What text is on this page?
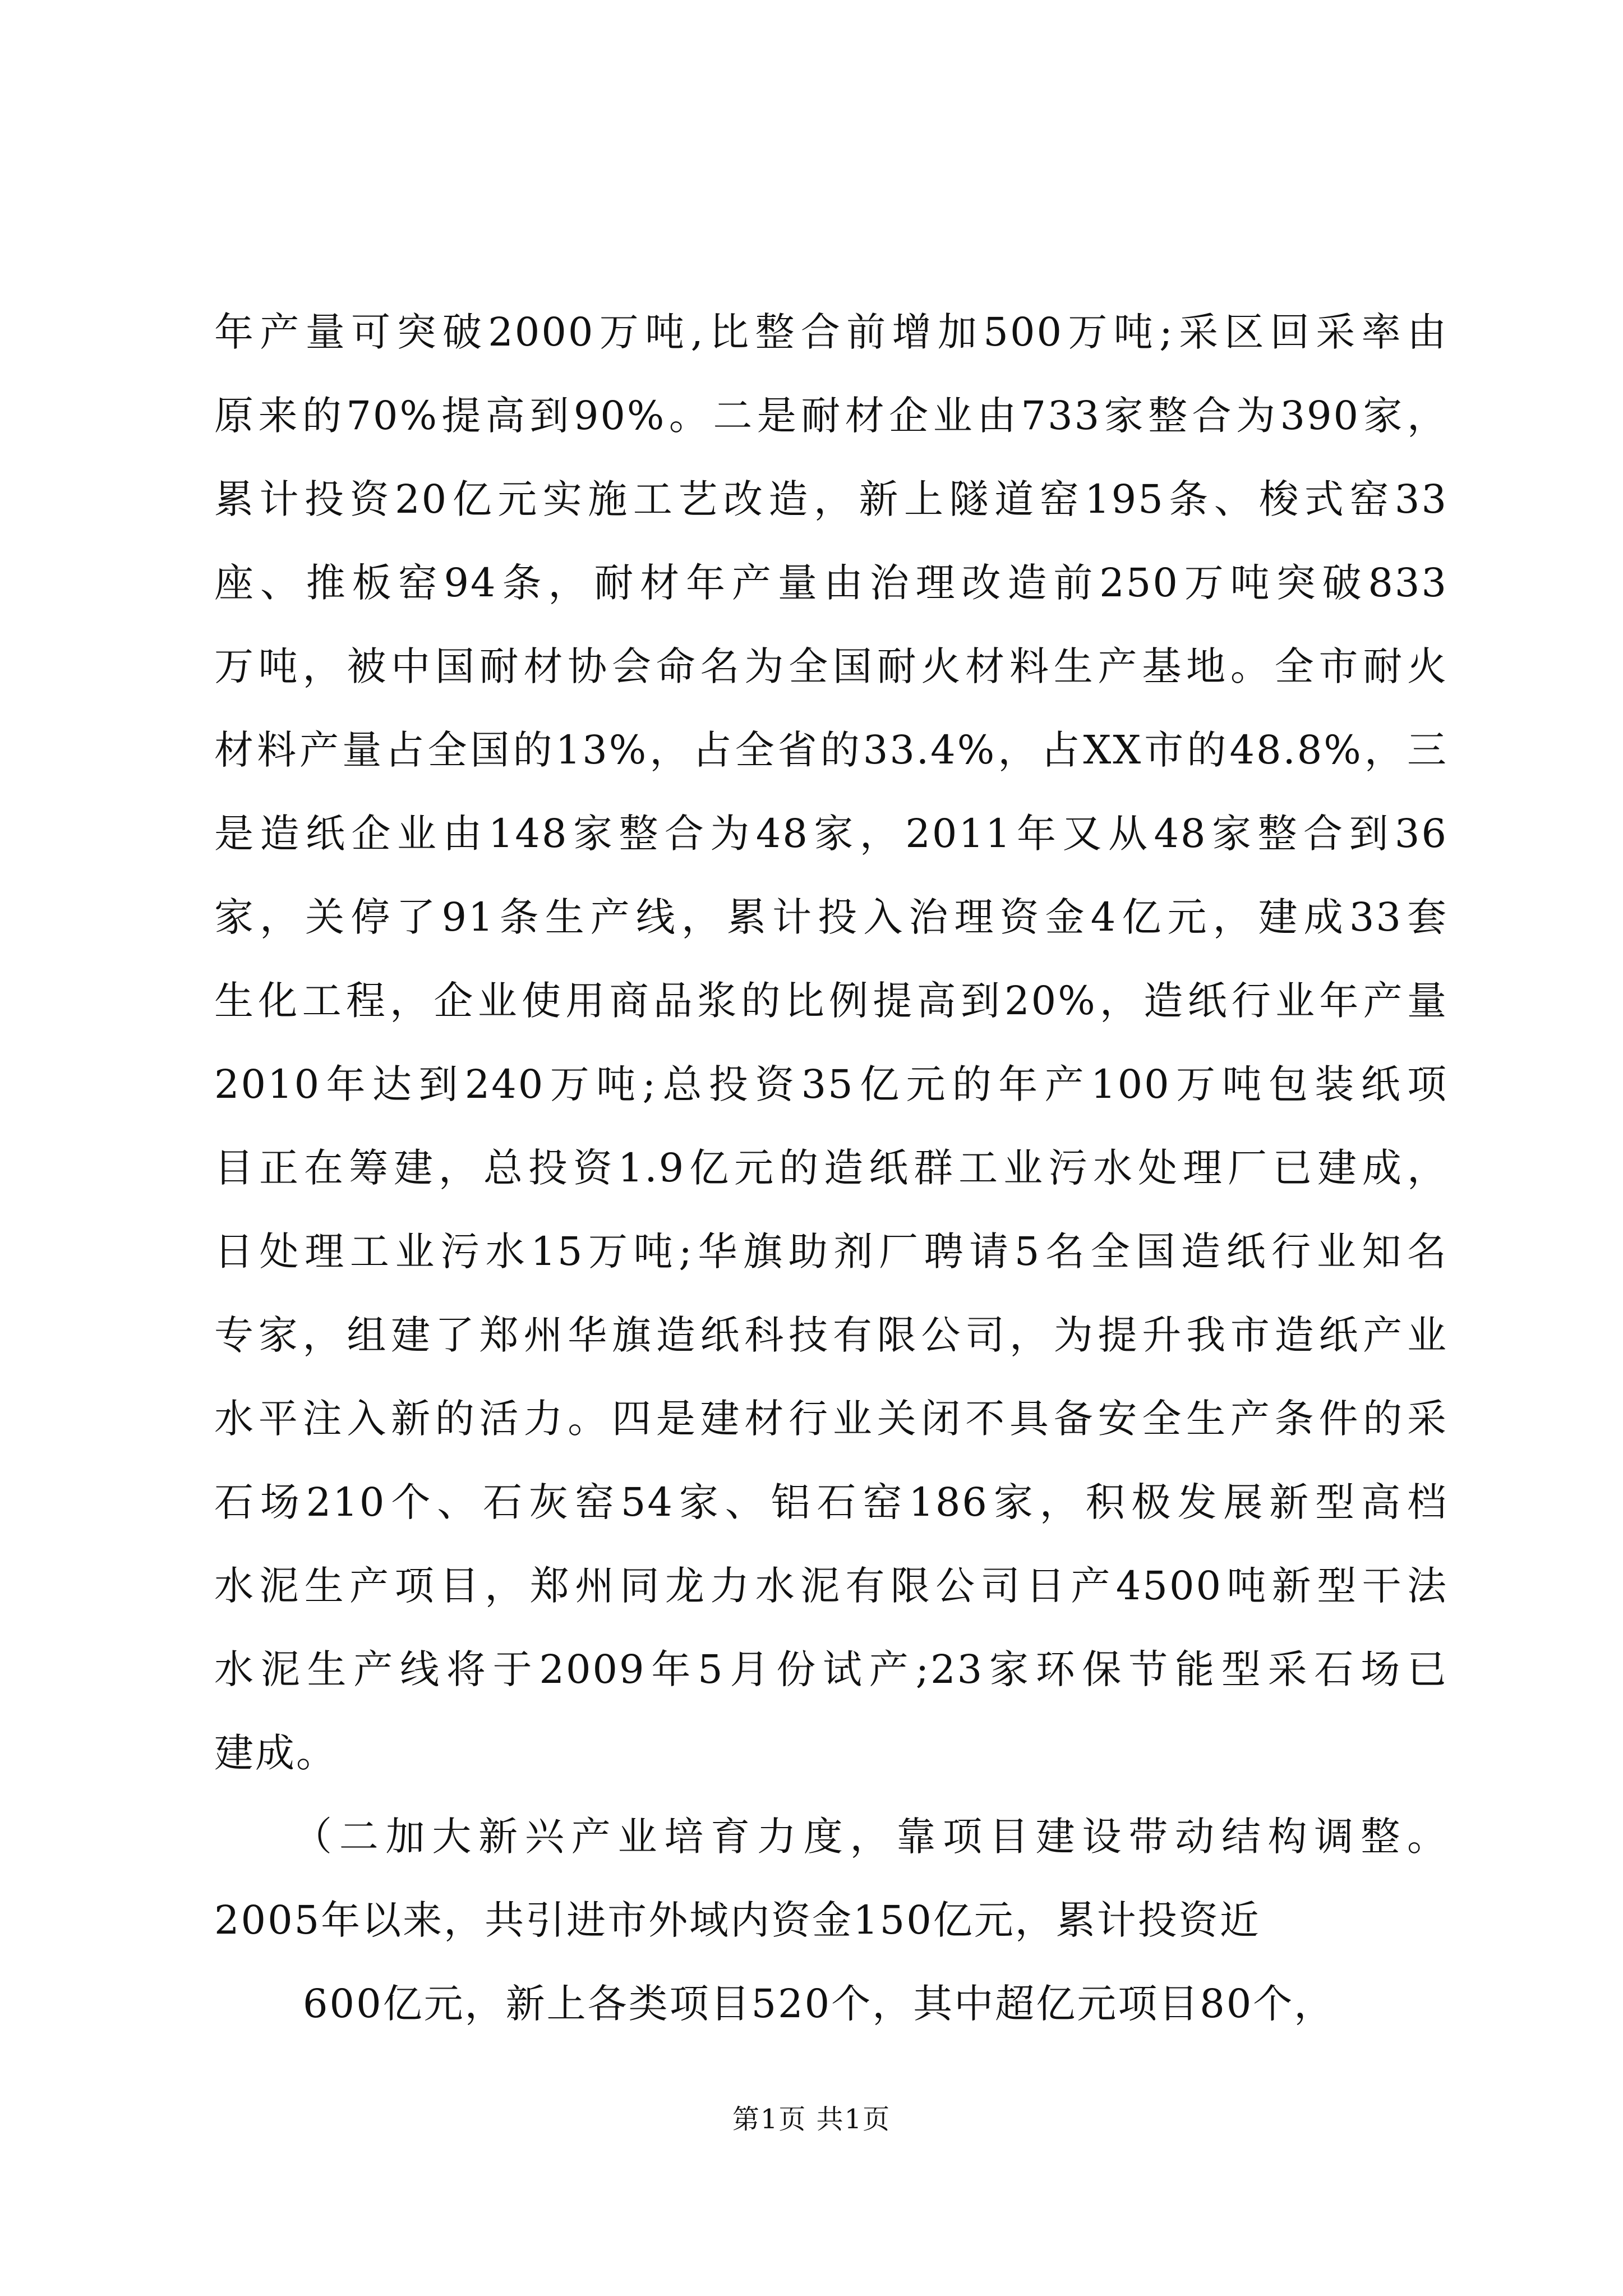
年产量可突破2000万吨,比整合前增加500万吨;采区回采率由
原来的70%提高到90%。二是耐材企业由733家整合为390家，
累计投资20亿元实施工艺改造，新上隧道窑195条、梭式窑33
座、推板窑94条，耐材年产量由治理改造前250万吨突破833
万吨，被中国耐材协会命名为全国耐火材料生产基地。全市耐火
材料产量占全国的13%，占全省的33.4%，占XX市的48.8%，三
是造纸企业由148家整合为48家，2011年又从48家整合到36
家，关停了91条生产线，累计投入治理资金4亿元，建成33套
生化工程，企业使用商品浆的比例提高到20%，造纸行业年产量
2010年达到240万吨;总投资35亿元的年产100万吨包装纸项
目正在筹建，总投资1.9亿元的造纸群工业污水处理厂已建成，
日处理工业污水15万吨;华旗助剂厂聘请5名全国造纸行业知名
专家，组建了郑州华旗造纸科技有限公司，为提升我市造纸产业
水平注入新的活力。四是建材行业关闭不具备安全生产条件的采
石场210个、石灰窑54家、铝石窑186家，积极发展新型高档
水泥生产项目，郑州同龙力水泥有限公司日产4500吨新型干法
水泥生产线将于2009年5月份试产;23家环保节能型采石场已
建成。
（二加大新兴产业培育力度，靠项目建设带动结构调整。
2005年以来，共引进市外域内资金150亿元，累计投资近
600亿元，新上各类项目520个，其中超亿元项目80个，
第1页 共1页
